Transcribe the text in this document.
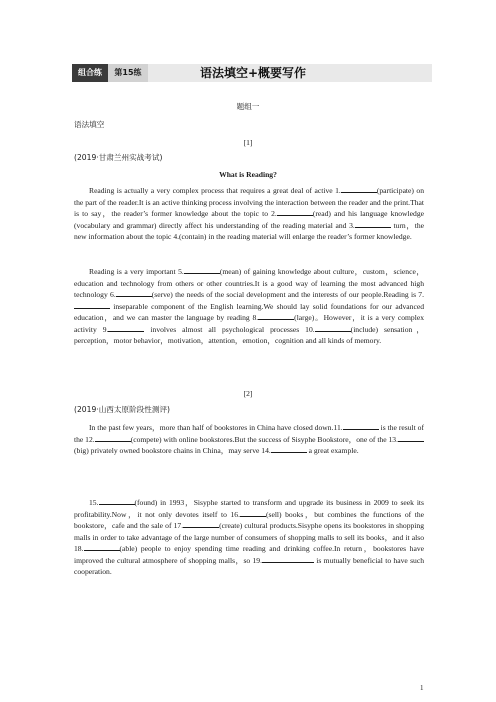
组合练	第15练	语法填空+概要写作
题组一
语法填空
[1]
(2019·甘肃兰州实战考试)
What is Reading?

Reading is actually a very complex process that requires a great deal of active 1.	(participate) on the part of the reader.It is an active thinking process involving the interaction between the reader and the print.That is to say，the reader’s former knowledge about the topic to 2.	(read) and his language knowledge (vocabulary and grammar) directly affect his understanding of the reading material and 3.	turn，the new information about the topic 4.(contain) in the reading material will enlarge the reader’s former knowledge.

Reading is a very important 5.	(mean) of gaining knowledge about culture，custom，science，education and technology from others or other countries.It is a good way of learning the most advanced high technology 6.	(serve) the needs of the social development and the interests of our people.Reading is 7. inseparable component of the English learning.We should lay solid foundations for our advanced education，and we can master the language by reading 8.	(large)。However，it is a very complex activity 9.	involves almost all psychological processes 10.	(include) sensation，perception，motor behavior，motivation，attention，emotion，cognition and all kinds of memory.

[2]
(2019·山西太原阶段性测评)

In the past few years，more than half of bookstores in China have closed down.11.	is the result of the 12.	(compete) with online bookstores.But the success of Sisyphe Bookstore，one of the 13.(big) privately owned bookstore chains in China，may serve 14.	a great example.

15.	(found) in 1993，Sisyphe started to transform and upgrade its business in 2009 to seek its profitability.Now，it not only devotes itself to 16.	(sell) books，but combines the functions of the bookstore，cafe and the sale of 17.	(create) cultural products.Sisyphe opens its bookstores in shopping malls in order to take advantage of the large number of consumers of shopping malls to sell its books，and it also 18.	(able) people to enjoy spending time reading and drinking coffee.In return，bookstores have improved the cultural atmosphere of shopping malls，so 19.	is mutually beneficial to have such cooperation.

1
